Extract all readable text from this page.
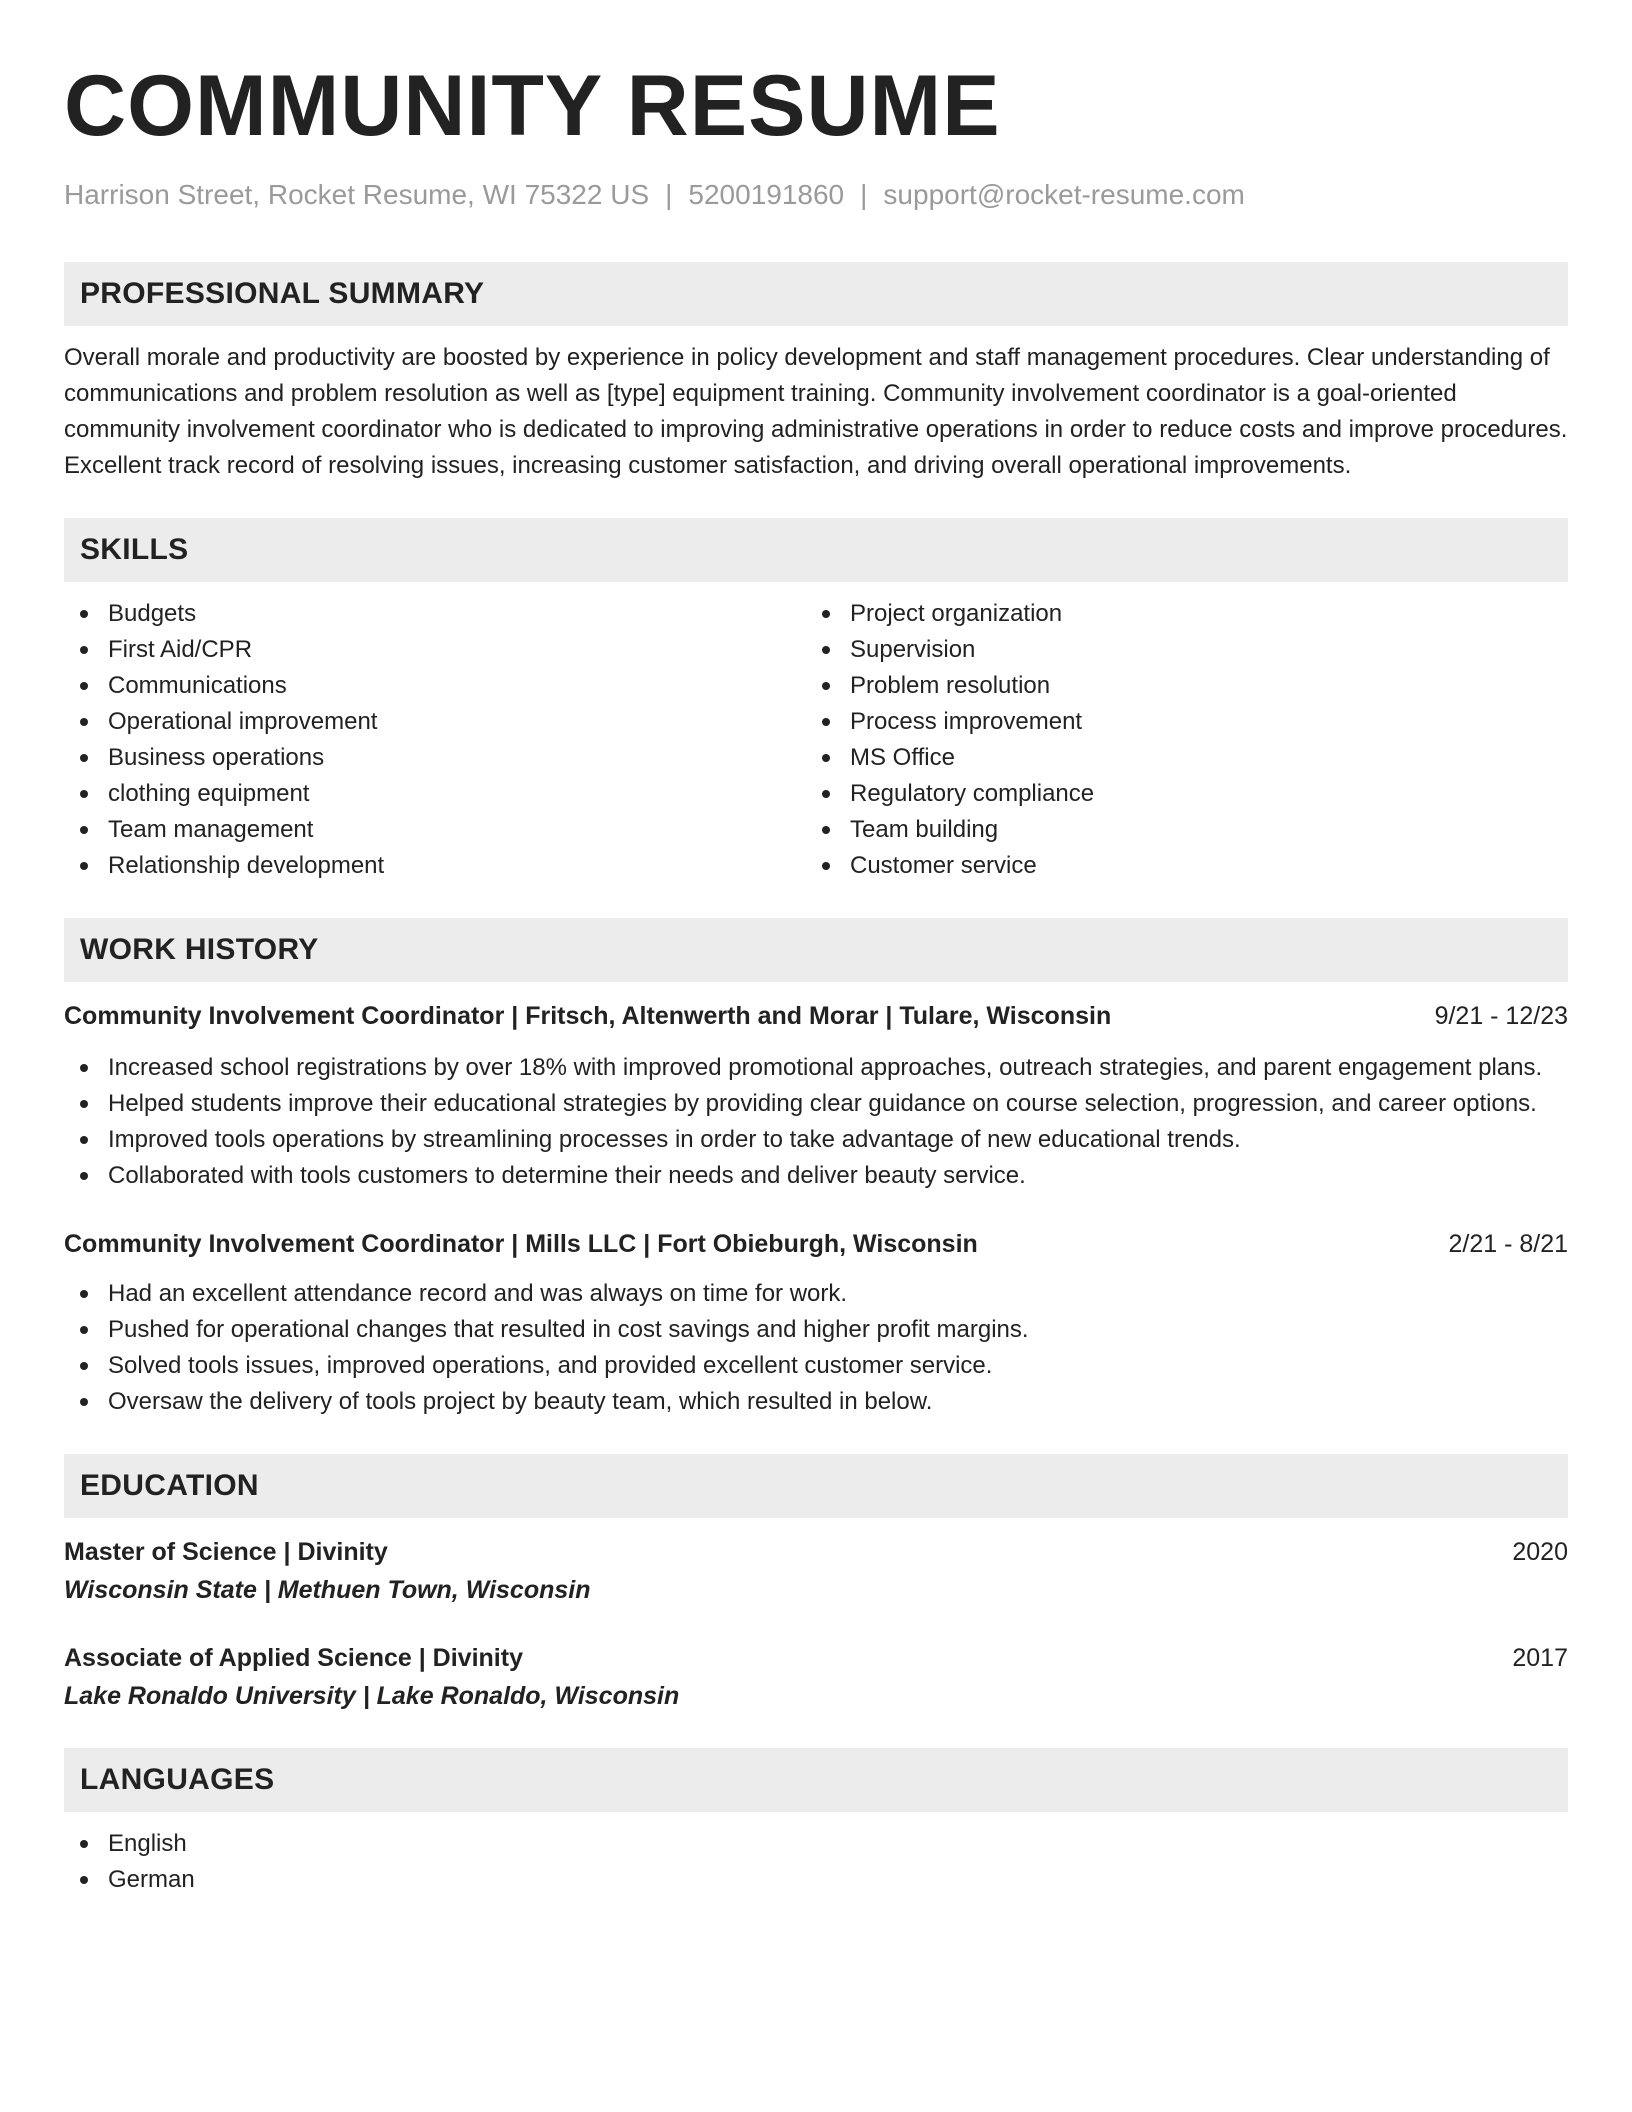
COMMUNITY RESUME
Harrison Street, Rocket Resume, WI 75322 US | 5200191860 | support@rocket-resume.com
PROFESSIONAL SUMMARY

Overall morale and productivity are boosted by experience in policy development and staff management procedures. Clear understanding of communications and problem resolution as well as [type] equipment training. Community involvement coordinator is a goal-oriented community involvement coordinator who is dedicated to improving administrative operations in order to reduce costs and improve procedures. Excellent track record of resolving issues, increasing customer satisfaction, and driving overall operational improvements.

SKILLS
Budgets
First Aid/CPR
Communications
Operational improvement
Business operations
clothing equipment
Team management
Relationship development
Project organization
Supervision
Problem resolution
Process improvement
MS Office
Regulatory compliance
Team building
Customer service
WORK HISTORY
Community Involvement Coordinator | Fritsch, Altenwerth and Morar | Tulare, Wisconsin	9/21 - 12/23
Increased school registrations by over 18% with improved promotional approaches, outreach strategies, and parent engagement plans.
Helped students improve their educational strategies by providing clear guidance on course selection, progression, and career options.
Improved tools operations by streamlining processes in order to take advantage of new educational trends.
Collaborated with tools customers to determine their needs and deliver beauty service.
Community Involvement Coordinator | Mills LLC | Fort Obieburgh, Wisconsin	2/21 - 8/21
Had an excellent attendance record and was always on time for work.
Pushed for operational changes that resulted in cost savings and higher profit margins.
Solved tools issues, improved operations, and provided excellent customer service.
Oversaw the delivery of tools project by beauty team, which resulted in below.
EDUCATION
Master of Science | Divinity	2020
Wisconsin State | Methuen Town, Wisconsin
Associate of Applied Science | Divinity	2017
Lake Ronaldo University | Lake Ronaldo, Wisconsin
LANGUAGES
English
German
